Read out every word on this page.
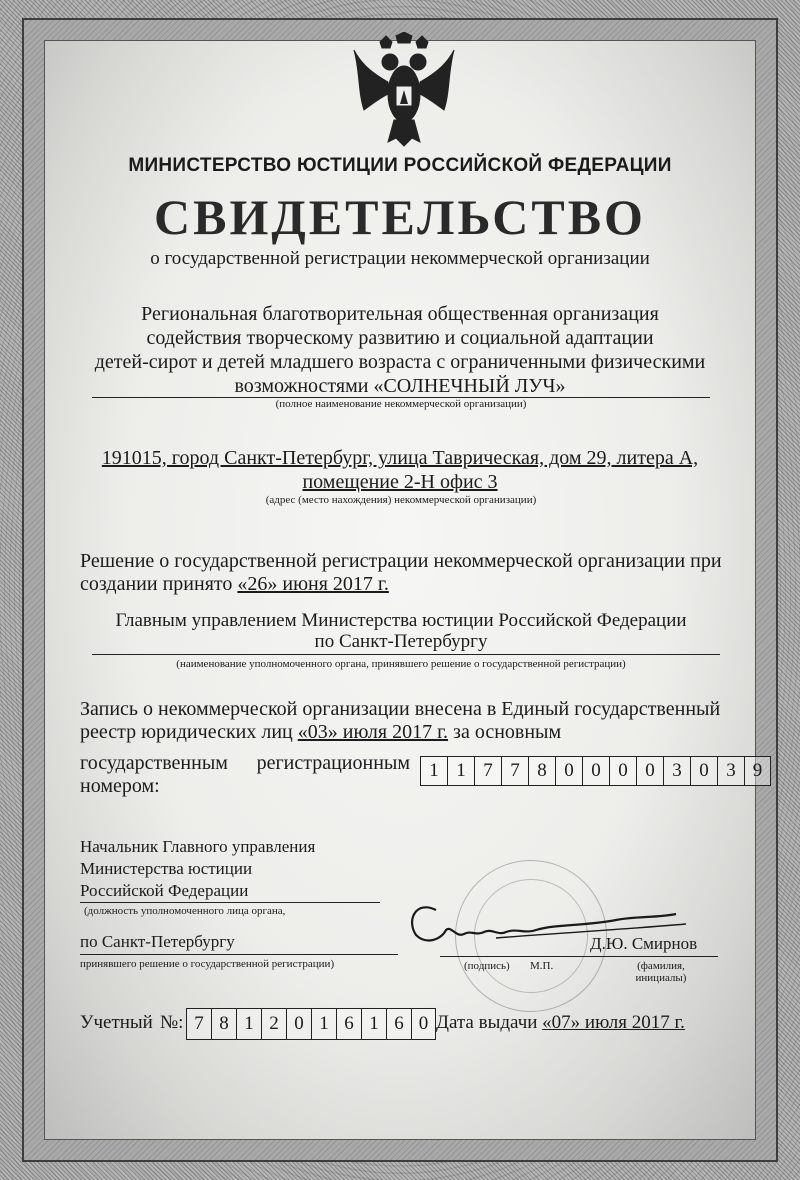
МИНИСТЕРСТВО ЮСТИЦИИ РОССИЙСКОЙ ФЕДЕРАЦИИ
СВИДЕТЕЛЬСТВО
о государственной регистрации некоммерческой организации
Региональная благотворительная общественная организация
содействия творческому развитию и социальной адаптации
детей-сирот и детей младшего возраста с ограниченными физическими
возможностями «СОЛНЕЧНЫЙ ЛУЧ»
(полное наименование некоммерческой организации)
191015, город Санкт-Петербург, улица Таврическая, дом 29, литера А,
помещение 2-Н офис 3
(адрес (место нахождения) некоммерческой организации)
Решение о государственной регистрации некоммерческой организации при
создании принято «26» июня 2017 г.
Главным управлением Министерства юстиции Российской Федерации
по Санкт-Петербургу
(наименование уполномоченного органа, принявшего решение о государственной регистрации)
Запись о некоммерческой организации внесена в Единый государственный
реестр юридических лиц «03» июля 2017 г. за основным
государственным регистрационным
номером:
1 1 7 7 8 0 0 0 0 3 0 3 9
Начальник Главного управления
Министерства юстиции
Российской Федерации
(должность уполномоченного лица органа,
по Санкт-Петербургу
принявшего решение о государственной регистрации)
Д.Ю. Смирнов
(подпись) М.П.	(фамилия,
инициалы)
Учетный №: 7 8 1 2 0 1 6 1 6 0 Дата выдачи «07» июля 2017 г.
